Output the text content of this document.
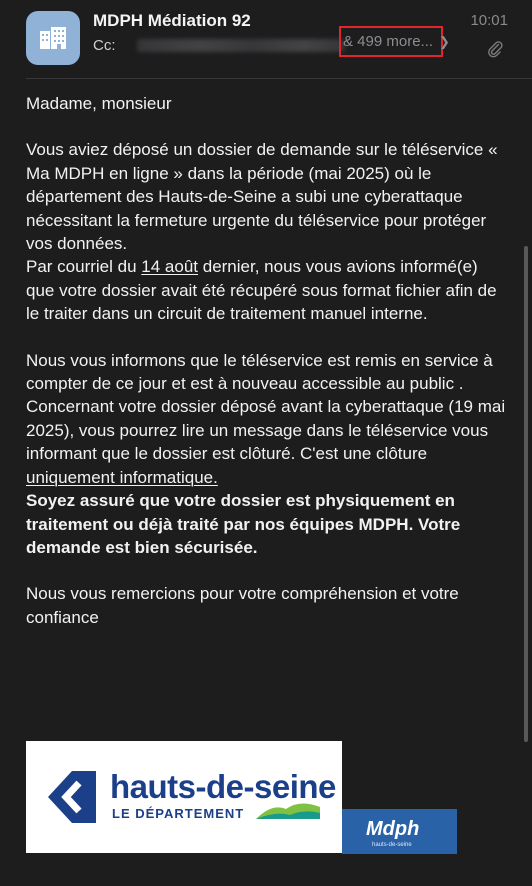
MDPH Médiation 92	10:01
Cc:	& 499 more... ❯

Madame, monsieur

Vous aviez déposé un dossier de demande sur le téléservice « Ma MDPH en ligne » dans la période (mai 2025) où le département des Hauts-de-Seine a subi une cyberattaque nécessitant la fermeture urgente du téléservice pour protéger vos données.

Par courriel du 14 août dernier, nous vous avions informé(e) que votre dossier avait été récupéré sous format fichier afin de le traiter dans un circuit de traitement manuel interne.

Nous vous informons que le téléservice est remis en service à compter de ce jour et est à nouveau accessible au public .

Concernant votre dossier déposé avant la cyberattaque (19 mai 2025), vous pourrez lire un message dans le téléservice vous informant que le dossier est clôturé. C'est une clôture uniquement informatique.

Soyez assuré que votre dossier est physiquement en traitement ou déjà traité par nos équipes MDPH. Votre demande est bien sécurisée.

Nous vous remercions pour votre compréhension et votre confiance

hauts-de-seine
LE DÉPARTEMENT
Mdph
hauts-de-seine
